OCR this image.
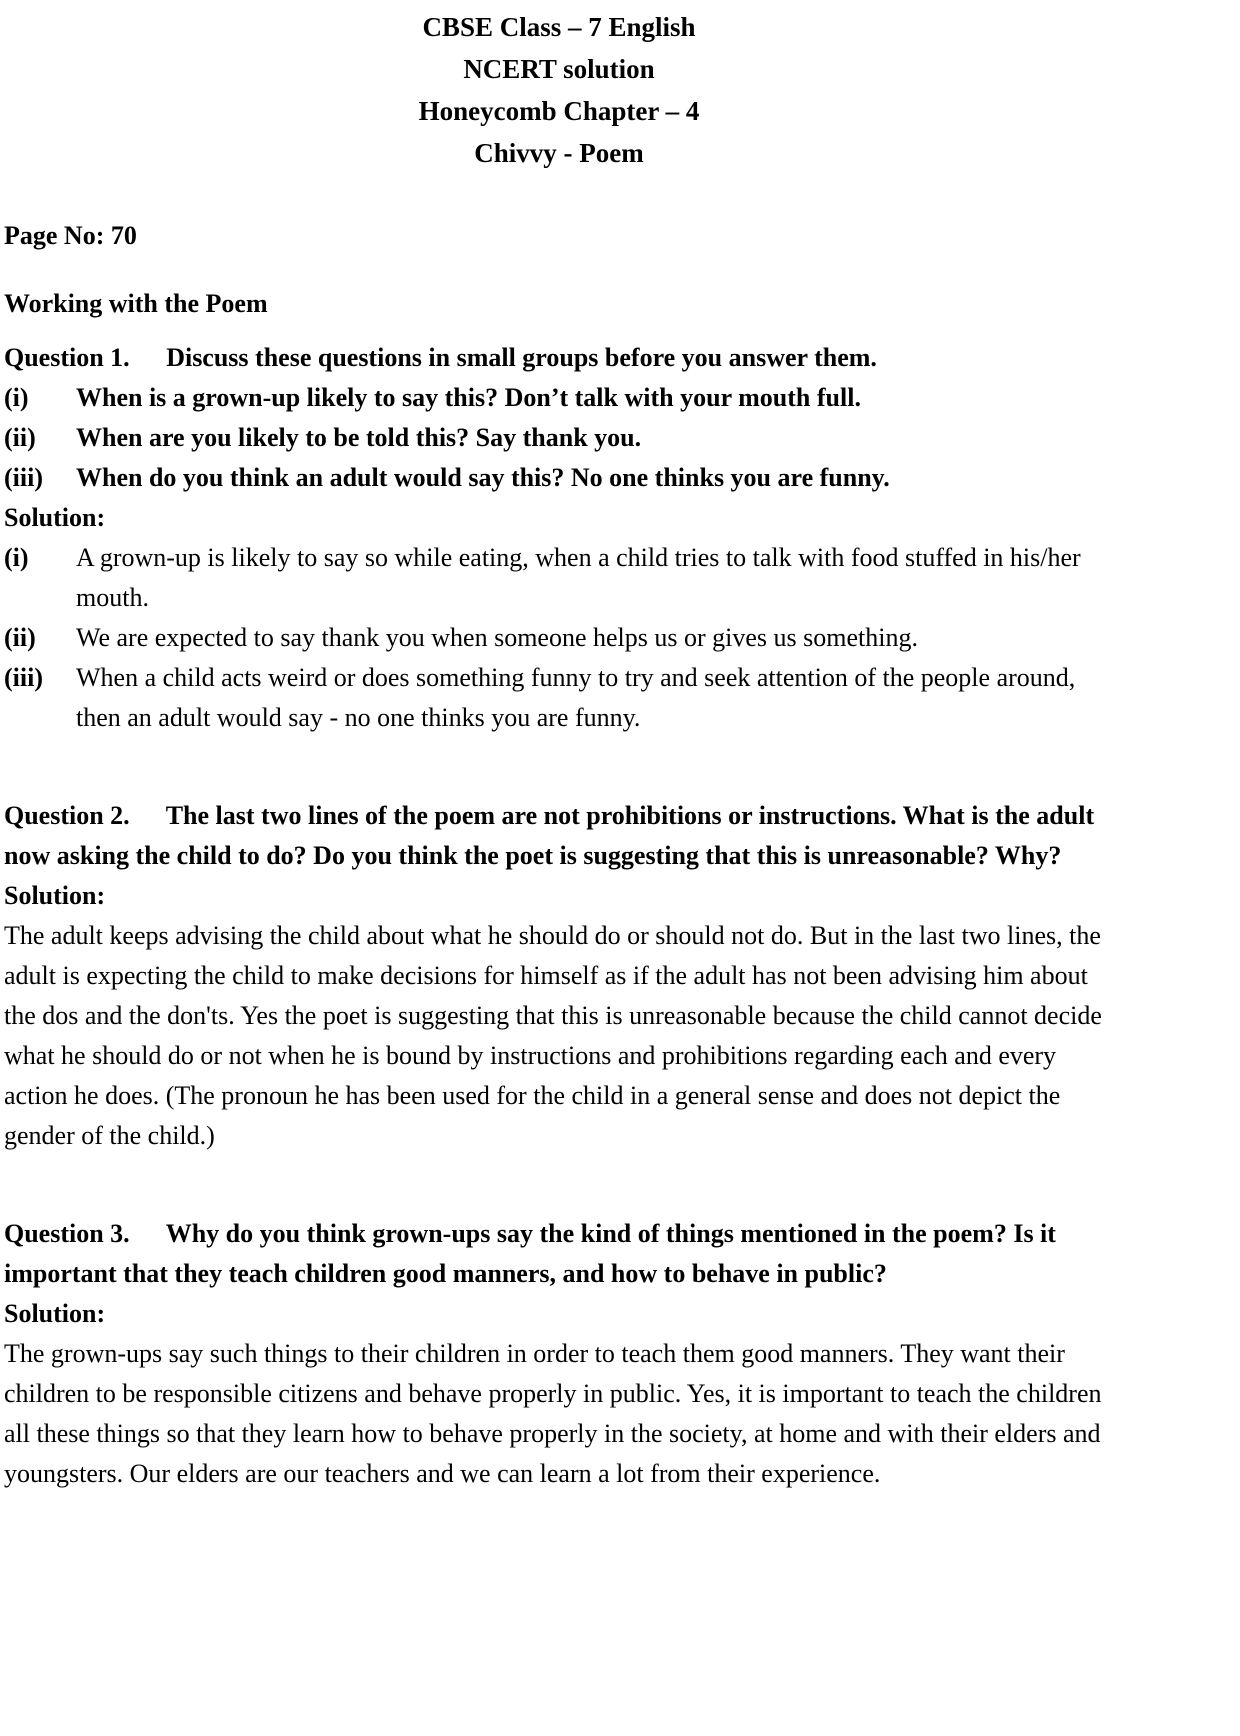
CBSE Class – 7 English
NCERT solution
Honeycomb Chapter – 4
Chivvy - Poem

Page No: 70

Working with the Poem

Question 1. Discuss these questions in small groups before you answer them.

(i)	When is a grown-up likely to say this? Don’t talk with your mouth full.
(ii)	When are you likely to be told this? Say thank you.
(iii)	When do you think an adult would say this? No one thinks you are funny.

Solution:

(i)	A grown-up is likely to say so while eating, when a child tries to talk with food stuffed in his/her mouth.
(ii)	We are expected to say thank you when someone helps us or gives us something.
(iii)	When a child acts weird or does something funny to try and seek attention of the people around, then an adult would say - no one thinks you are funny.

Question 2. The last two lines of the poem are not prohibitions or instructions. What is the adult now asking the child to do? Do you think the poet is suggesting that this is unreasonable? Why?

Solution:

The adult keeps advising the child about what he should do or should not do. But in the last two lines, the adult is expecting the child to make decisions for himself as if the adult has not been advising him about the dos and the don'ts. Yes the poet is suggesting that this is unreasonable because the child cannot decide what he should do or not when he is bound by instructions and prohibitions regarding each and every action he does. (The pronoun he has been used for the child in a general sense and does not depict the gender of the child.)

Question 3. Why do you think grown-ups say the kind of things mentioned in the poem? Is it important that they teach children good manners, and how to behave in public?

Solution:

The grown-ups say such things to their children in order to teach them good manners. They want their children to be responsible citizens and behave properly in public. Yes, it is important to teach the children all these things so that they learn how to behave properly in the society, at home and with their elders and youngsters. Our elders are our teachers and we can learn a lot from their experience.
